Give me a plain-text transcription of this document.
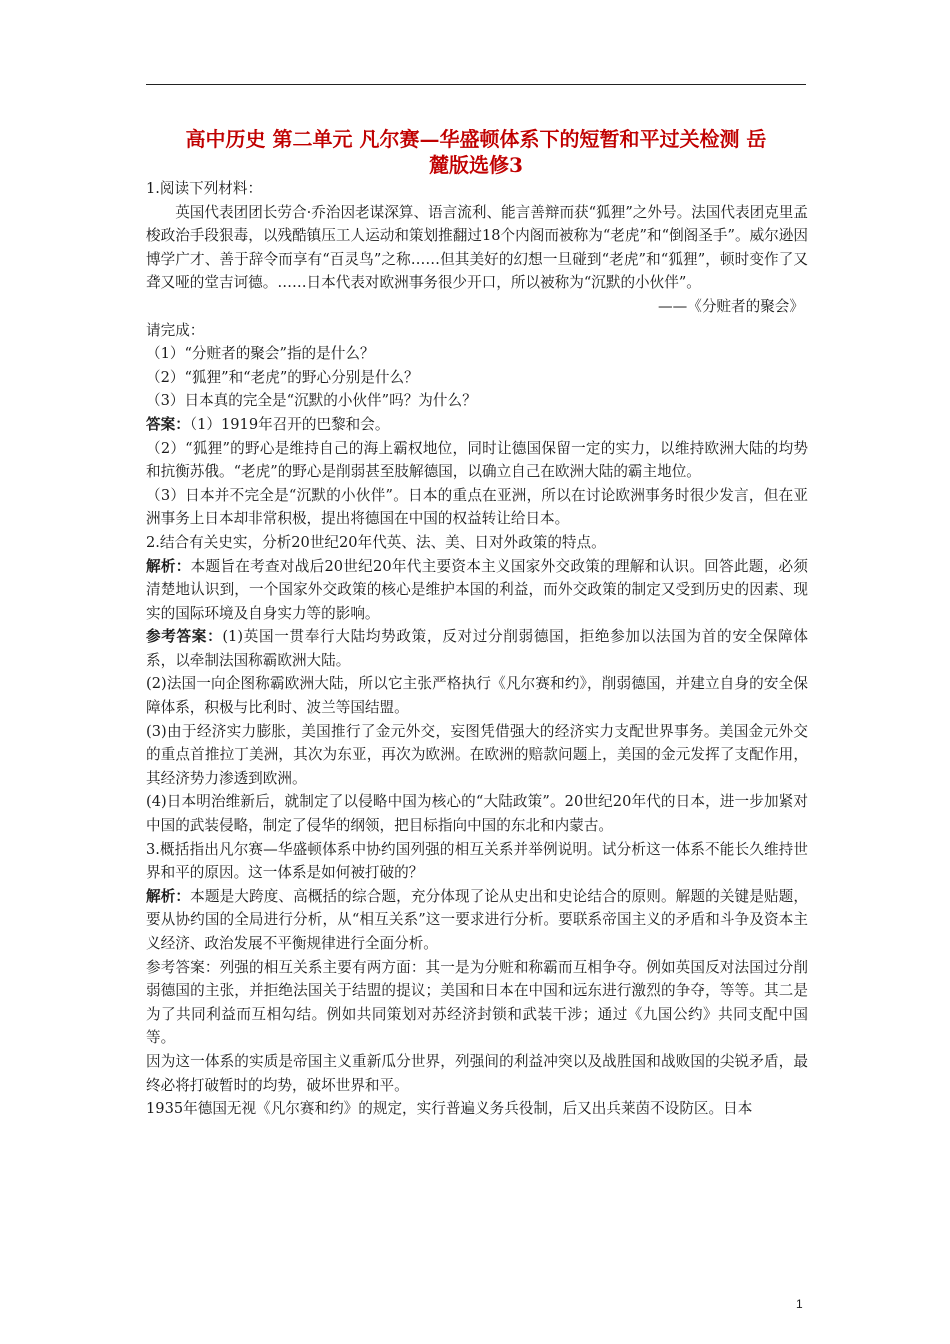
高中历史 第二单元 凡尔赛—华盛顿体系下的短暂和平过关检测 岳
麓版选修3

1.阅读下列材料：

英国代表团团长劳合·乔治因老谋深算、语言流利、能言善辩而获“狐狸”之外号。法国代表团克里孟梭政治手段狠毒，以残酷镇压工人运动和策划推翻过18个内阁而被称为“老虎”和“倒阁圣手”。威尔逊因博学广才、善于辞令而享有“百灵鸟”之称……但其美好的幻想一旦碰到“老虎”和“狐狸”，顿时变作了又聋又哑的堂吉诃德。……日本代表对欧洲事务很少开口，所以被称为“沉默的小伙伴”。

——《分赃者的聚会》

请完成：

（1）“分赃者的聚会”指的是什么？

（2）“狐狸”和“老虎”的野心分别是什么？

（3）日本真的完全是“沉默的小伙伴”吗？为什么？

答案：（1）1919年召开的巴黎和会。

（2）“狐狸”的野心是维持自己的海上霸权地位，同时让德国保留一定的实力，以维持欧洲大陆的均势和抗衡苏俄。“老虎”的野心是削弱甚至肢解德国，以确立自己在欧洲大陆的霸主地位。

（3）日本并不完全是“沉默的小伙伴”。日本的重点在亚洲，所以在讨论欧洲事务时很少发言，但在亚洲事务上日本却非常积极，提出将德国在中国的权益转让给日本。

2.结合有关史实，分析20世纪20年代英、法、美、日对外政策的特点。

解析：本题旨在考查对战后20世纪20年代主要资本主义国家外交政策的理解和认识。回答此题，必须清楚地认识到，一个国家外交政策的核心是维护本国的利益，而外交政策的制定又受到历史的因素、现实的国际环境及自身实力等的影响。

参考答案：(1)英国一贯奉行大陆均势政策，反对过分削弱德国，拒绝参加以法国为首的安全保障体系，以牵制法国称霸欧洲大陆。

(2)法国一向企图称霸欧洲大陆，所以它主张严格执行《凡尔赛和约》，削弱德国，并建立自身的安全保障体系，积极与比利时、波兰等国结盟。

(3)由于经济实力膨胀，美国推行了金元外交，妄图凭借强大的经济实力支配世界事务。美国金元外交的重点首推拉丁美洲，其次为东亚，再次为欧洲。在欧洲的赔款问题上，美国的金元发挥了支配作用，其经济势力渗透到欧洲。

(4)日本明治维新后，就制定了以侵略中国为核心的“大陆政策”。20世纪20年代的日本，进一步加紧对中国的武装侵略，制定了侵华的纲领，把目标指向中国的东北和内蒙古。

3.概括指出凡尔赛—华盛顿体系中协约国列强的相互关系并举例说明。试分析这一体系不能长久维持世界和平的原因。这一体系是如何被打破的？

解析：本题是大跨度、高概括的综合题，充分体现了论从史出和史论结合的原则。解题的关键是贴题，要从协约国的全局进行分析，从“相互关系”这一要求进行分析。要联系帝国主义的矛盾和斗争及资本主义经济、政治发展不平衡规律进行全面分析。

参考答案：列强的相互关系主要有两方面：其一是为分赃和称霸而互相争夺。例如英国反对法国过分削弱德国的主张，并拒绝法国关于结盟的提议；美国和日本在中国和远东进行激烈的争夺，等等。其二是为了共同利益而互相勾结。例如共同策划对苏经济封锁和武装干涉；通过《九国公约》共同支配中国等。

因为这一体系的实质是帝国主义重新瓜分世界，列强间的利益冲突以及战胜国和战败国的尖锐矛盾，最终必将打破暂时的均势，破坏世界和平。

1935年德国无视《凡尔赛和约》的规定，实行普遍义务兵役制，后又出兵莱茵不设防区。日本

1
